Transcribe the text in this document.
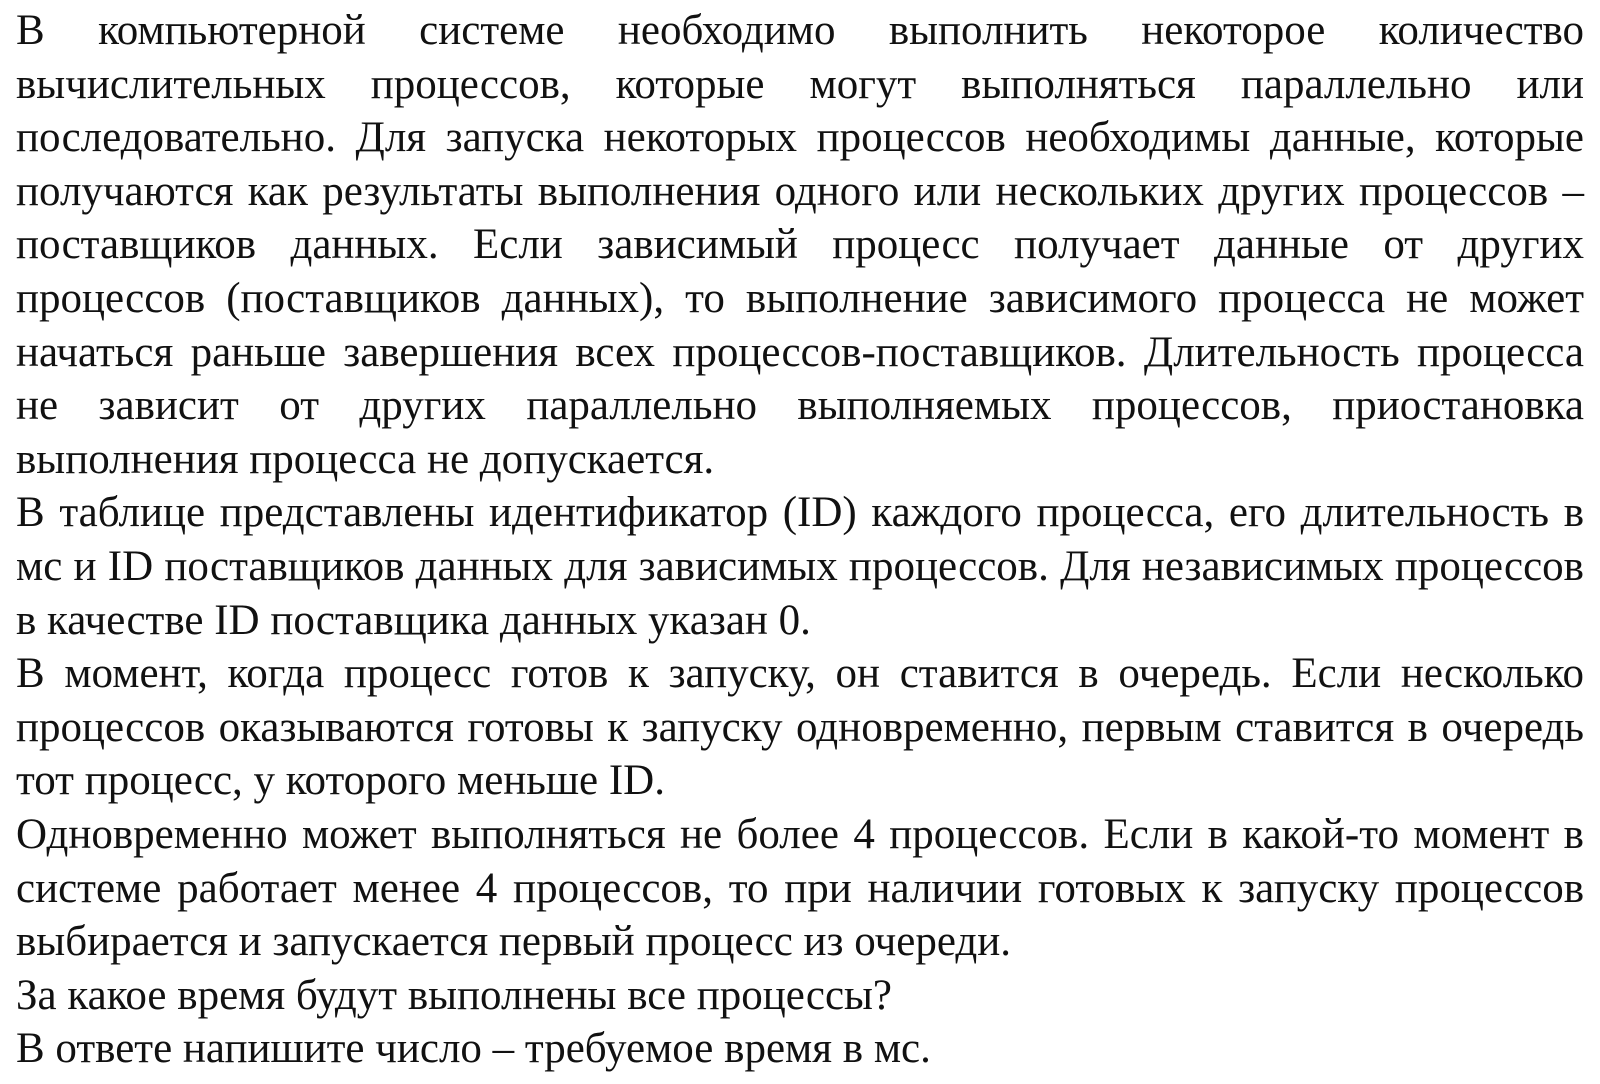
В компьютерной системе необходимо выполнить некоторое количество вычислительных процессов, которые могут выполняться параллельно или последовательно. Для запуска некоторых процессов необходимы данные, которые получаются как результаты выполнения одного или нескольких других процессов – поставщиков данных. Если зависимый процесс получает данные от других процессов (поставщиков данных), то выполнение зависимого процесса не может начаться раньше завершения всех процессов-поставщиков. Длительность процесса не зависит от других параллельно выполняемых процессов, приостановка выполнения процесса не допускается.

В таблице представлены идентификатор (ID) каждого процесса, его длительность в мс и ID поставщиков данных для зависимых процессов. Для независимых процессов в качестве ID поставщика данных указан 0.

В момент, когда процесс готов к запуску, он ставится в очередь. Если несколько процессов оказываются готовы к запуску одновременно, первым ставится в очередь тот процесс, у которого меньше ID.

Одновременно может выполняться не более 4 процессов. Если в какой-то момент в системе работает менее 4 процессов, то при наличии готовых к запуску процессов выбирается и запускается первый процесс из очереди.

За какое время будут выполнены все процессы?

В ответе напишите число – требуемое время в мс.
